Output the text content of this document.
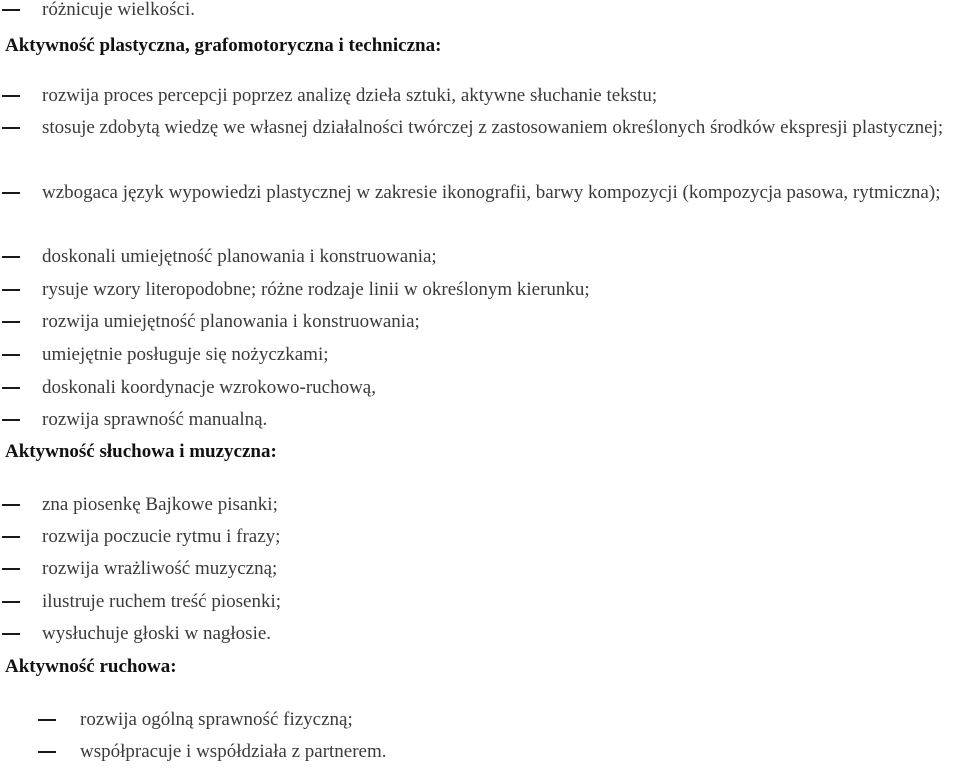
różnicuje wielkości.
Aktywność plastyczna, grafomotoryczna i techniczna:
rozwija proces percepcji poprzez analizę dzieła sztuki, aktywne słuchanie tekstu;
stosuje zdobytą wiedzę we własnej działalności twórczej z zastosowaniem określonych środków ekspresji plastycznej;
wzbogaca język wypowiedzi plastycznej w zakresie ikonografii, barwy kompozycji (kompozycja pasowa, rytmiczna);
doskonali umiejętność planowania i konstruowania;
rysuje wzory literopodobne; różne rodzaje linii w określonym kierunku;
rozwija umiejętność planowania i konstruowania;
umiejętnie posługuje się nożyczkami;
doskonali koordynacje wzrokowo-ruchową,
rozwija sprawność manualną.
Aktywność słuchowa i muzyczna:
zna piosenkę Bajkowe pisanki;
rozwija poczucie rytmu i frazy;
rozwija wrażliwość muzyczną;
ilustruje ruchem treść piosenki;
wysłuchuje głoski w nagłosie.
Aktywność ruchowa:
rozwija ogólną sprawność fizyczną;
współpracuje i współdziała z partnerem.
